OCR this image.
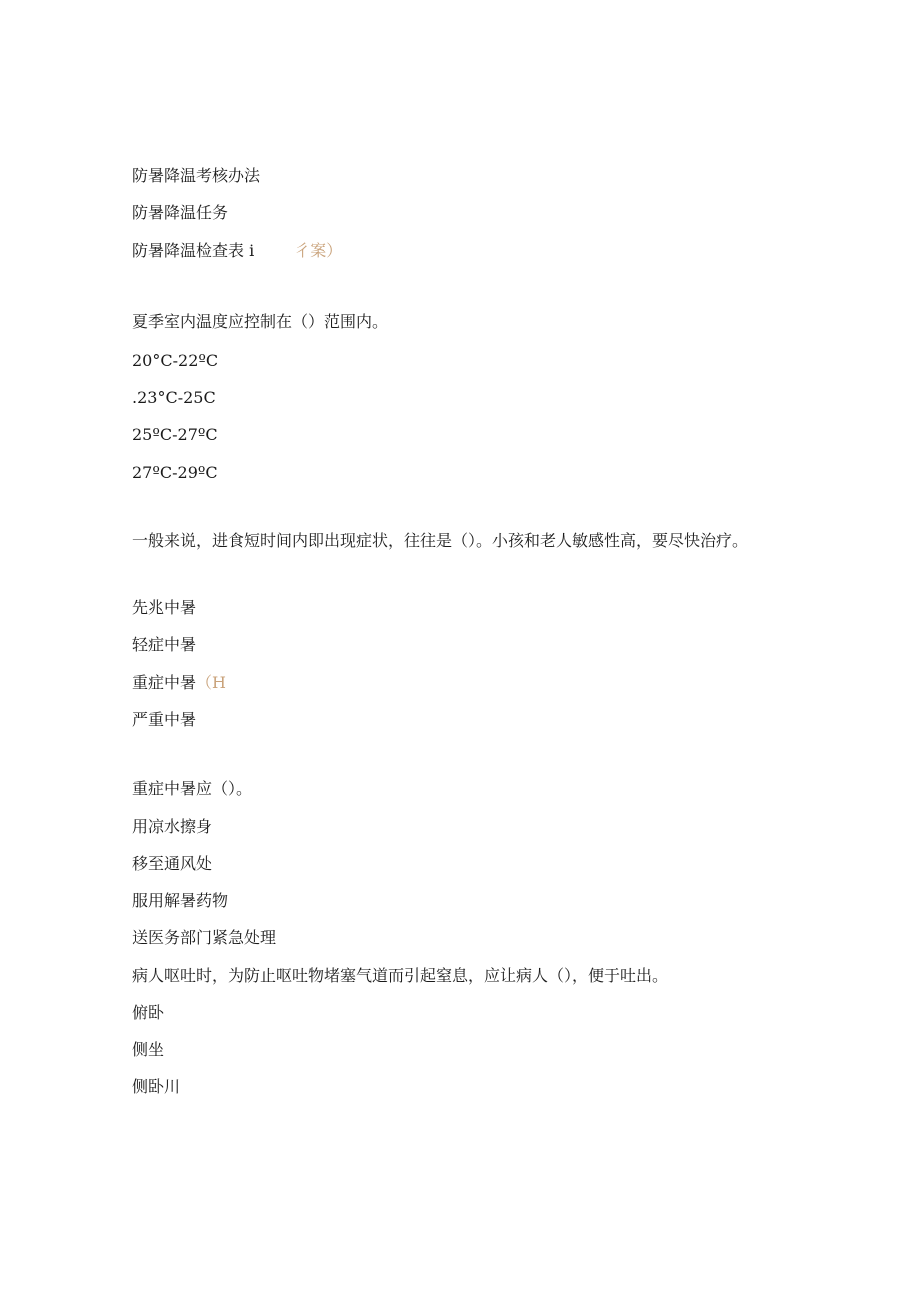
防暑降温考核办法
防暑降温任务
防暑降温检查表 i	彳案）
夏季室内温度应控制在（）范围内。
20°C-22ºC
.23°C-25C
25ºC-27ºC
27ºC-29ºC
一般来说，进食短时间内即出现症状，往往是（）。小孩和老人敏感性高，要尽快治疗。
先兆中暑
轻症中暑
重症中暑（H
严重中暑
重症中暑应（）。
用凉水擦身
移至通风处
服用解暑药物
送医务部门紧急处理
病人呕吐时，为防止呕吐物堵塞气道而引起窒息，应让病人（），便于吐出。
俯卧
侧坐
侧卧川
